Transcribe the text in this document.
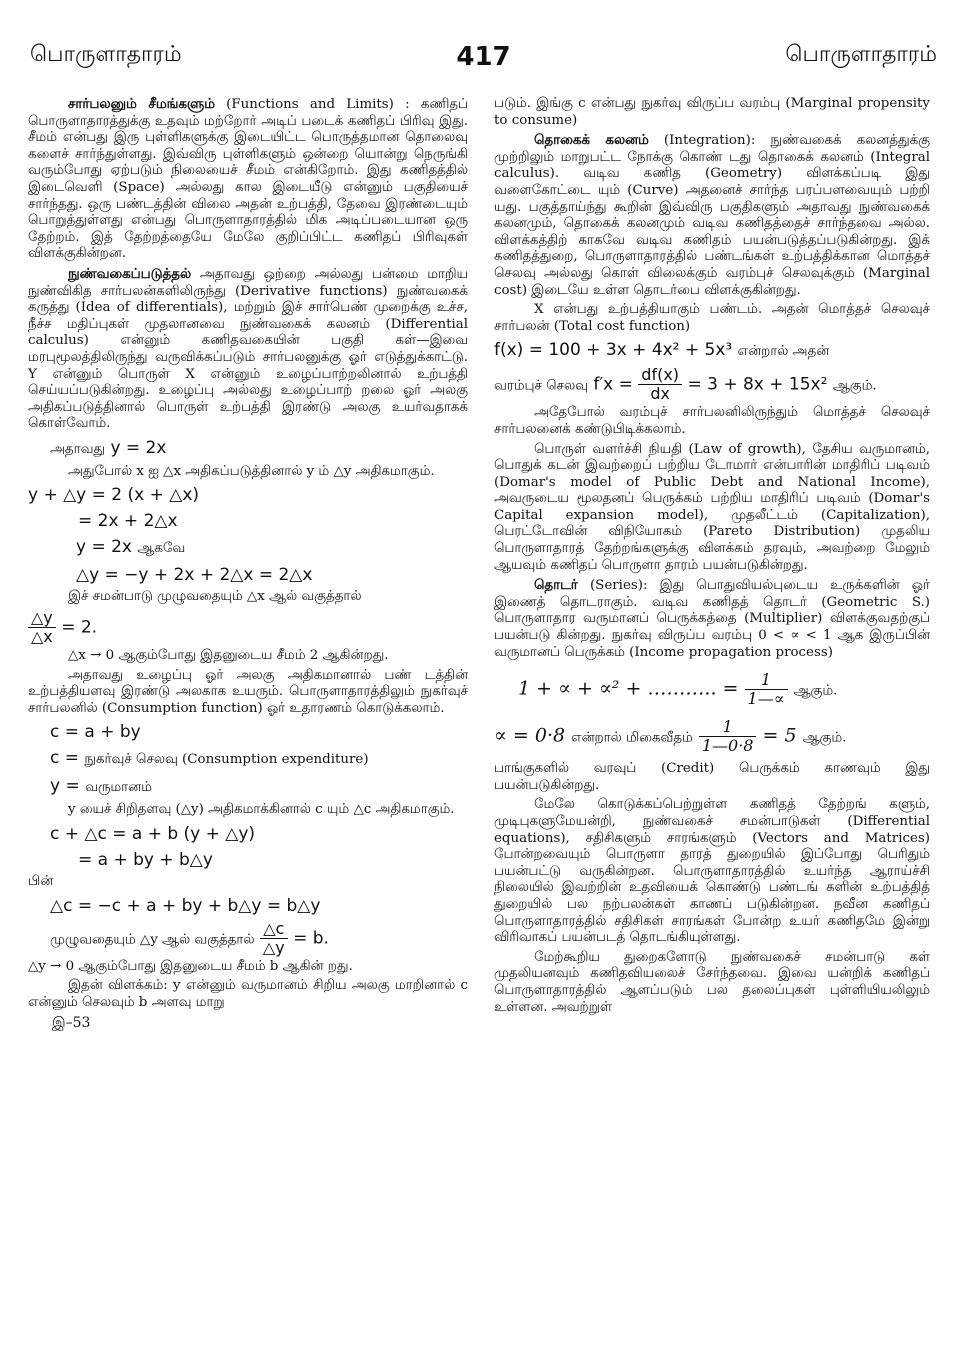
பொருளாதாரம்	417	பொருளாதாரம்

சார்பலனும் சீமங்களும் (Functions and Limits) : கணிதப் பொருளாதாரத்துக்கு உதவும் மற்றோர் அடிப் படைக் கணிதப் பிரிவு இது. சீமம் என்பது இரு புள்ளிகளுக்கு இடையிட்ட பொருத்தமான தொலைவு களைச் சார்ந்துள்ளது. இவ்விரு புள்ளிகளும் ஒன்றை யொன்று நெருங்கி வரும்போது ஏற்படும் நிலையைச் சீமம் என்கிறோம். இது கணிதத்தில் இடைவெளி (Space) அல்லது கால இடையீடு என்னும் பகுதியைச் சார்ந்தது. ஒரு பண்டத்தின் விலை அதன் உற்பத்தி, தேவை இரண்டையும் பொறுத்துள்ளது என்பது பொருளாதாரத்தில் மிக அடிப்படையான ஒரு தேற்றம். இத் தேற்றத்தையே மேலே குறிப்பிட்ட கணிதப் பிரிவுகள் விளக்குகின்றன.

நுண்வகைப்படுத்தல் அதாவது ஒற்றை அல்லது பன்மை மாறிய நுண்விகித சார்பலன்களிலிருந்து (Derivative functions) நுண்வகைக் கருத்து (Idea of differentials), மற்றும் இச் சார்பெண் முறைக்கு உச்ச, நீச்ச மதிப்புகள் முதலானவை நுண்வகைக் கலனம் (Differential calculus) என்னும் கணிதவகையின் பகுதி கள்—இவை மரபுமூலத்திலிருந்து வருவிக்கப்படும் சார்பலனுக்கு ஓர் எடுத்துக்காட்டு. Y என்னும் பொருள் X என்னும் உழைப்பாற்றலினால் உற்பத்தி செய்யப்படுகின்றது. உழைப்பு அல்லது உழைப்பாற் றலை ஓர் அலகு அதிகப்படுத்தினால் பொருள் உற்பத்தி இரண்டு அலகு உயர்வதாகக் கொள்வோம்.

அதாவது y = 2x

அதுபோல் x ஐ △x அதிகப்படுத்தினால் y ம் △y அதிகமாகும்.

y + △y = 2 (x + △x)
= 2x + 2△x
y = 2x ஆகவே
△y = −y + 2x + 2△x = 2△x

இச் சமன்பாடு முழுவதையும் △x ஆல் வகுத்தால்

$\frac{\triangle y}{\triangle x} = 2$.

△x → 0 ஆகும்போது இதனுடைய சீமம் 2 ஆகின்றது.

அதாவது உழைப்பு ஓர் அலகு அதிகமானால் பண் டத்தின் உற்பத்தியளவு இரண்டு அலகாக உயரும். பொருளாதாரத்திலும் நுகர்வுச் சார்பலனில் (Consumption function) ஓர் உதாரணம் கொடுக்கலாம்.

c = a + by
c = நுகர்வுச் செலவு (Consumption expenditure)
y = வருமானம்

y யைச் சிறிதளவு (△y) அதிகமாக்கினால் c யும் △c அதிகமாகும்.

c + △c = a + b (y + △y)
= a + by + b△y

பின்

△c = −c + a + by + b△y = b△y
முழுவதையும் △y ஆல் வகுத்தால் $\frac{\triangle c}{\triangle y} = b$.

△y → 0 ஆகும்போது இதனுடைய சீமம் b ஆகின் றது.

இதன் விளக்கம்: y என்னும் வருமானம் சிறிய அலகு மாறினால் c என்னும் செலவும் b அளவு மாறு

இ–53

படும். இங்கு c என்பது நுகர்வு விருப்ப வரம்பு (Marginal propensity to consume)

தொகைக் கலனம் (Integration): நுண்வகைக் கலனத்துக்கு முற்றிலும் மாறுபட்ட நோக்கு கொண் டது தொகைக் கலனம் (Integral calculus). வடிவ கணித (Geometry) விளக்கப்படி இது வளைகோட்டை யும் (Curve) அதனைச் சார்ந்த பரப்பளவையும் பற்றி யது. பகுத்தாய்ந்து கூறின் இவ்விரு பகுதிகளும் அதாவது நுண்வகைக் கலனமும், தொகைக் கலனமும் வடிவ கணிதத்தைச் சார்ந்தவை அல்ல. விளக்கத்திற் காகவே வடிவ கணிதம் பயன்படுத்தப்படுகின்றது. இக் கணிதத்துறை, பொருளாதாரத்தில் பண்டங்கள் உற்பத்திக்கான மொத்தச் செலவு அல்லது கொள் விலைக்கும் வரம்புச் செலவுக்கும் (Marginal cost) இடையே உள்ள தொடர்பை விளக்குகின்றது.

X என்பது உற்பத்தியாகும் பண்டம். அதன் மொத்தச் செலவுச் சார்பலன் (Total cost function)

f(x) = 100 + 3x + 4x² + 5x³ என்றால் அதன்
வரம்புச் செலவு $f'x = \frac{df(x)}{dx} = 3 + 8x + 15x^2$ ஆகும்.

அதேபோல் வரம்புச் சார்பலனிலிருந்தும் மொத்தச் செலவுச் சார்பலனைக் கண்டுபிடிக்கலாம்.

பொருள் வளர்ச்சி நியதி (Law of growth), தேசிய வருமானம், பொதுக் கடன் இவற்றைப் பற்றிய டோமார் என்பாரின் மாதிரிப் படிவம் (Domar's model of Public Debt and National Income), அவருடைய மூலதனப் பெருக்கம் பற்றிய மாதிரிப் படிவம் (Domar's Capital expansion model), முதலீட்டம் (Capitalization), பெரட்டோவின் விநியோகம் (Pareto Distribution) முதலிய பொருளாதாரத் தேற்றங்களுக்கு விளக்கம் தரவும், அவற்றை மேலும் ஆயவும் கணிதப் பொருளா தாரம் பயன்படுகின்றது.

தொடர் (Series): இது பொதுவியல்புடைய உருக்களின் ஓர் இணைத் தொடராகும். வடிவ கணிதத் தொடர் (Geometric S.) பொருளாதார வருமானப் பெருக்கத்தை (Multiplier) விளக்குவதற்குப் பயன்படு கின்றது. நுகர்வு விருப்ப வரம்பு 0 < ∝ < 1 ஆக இருப்பின் வருமானப் பெருக்கம் (Income propagation process)

1 + ∝ + ∝² + ……….. = $\frac{1}{1—\propto}$ ஆகும்.
∝ = 0·8 என்றால் மிகைவீதம் $\frac{1}{1—0\cdot 8} = 5$ ஆகும்.

பாங்குகளில் வரவுப் (Credit) பெருக்கம் காணவும் இது பயன்படுகின்றது.

மேலே கொடுக்கப்பெற்றுள்ள கணிதத் தேற்றங் களும், முடிபுகளுமேயன்றி, நுண்வகைச் சமன்பாடுகள் (Differential equations), சதிசிகளும் சாரங்களும் (Vectors and Matrices) போன்றவையும் பொருளா தாரத் துறையில் இப்போது பெரிதும் பயன்பட்டு வருகின்றன. பொருளாதாரத்தில் உயர்ந்த ஆராய்ச்சி நிலையில் இவற்றின் உதவியைக் கொண்டு பண்டங் களின் உற்பத்தித் துறையில் பல நற்பலன்கள் காணப் படுகின்றன. நவீன கணிதப் பொருளாதாரத்தில் சதிசிகள் சாரங்கள் போன்ற உயர் கணிதமே இன்று விரிவாகப் பயன்படத் தொடங்கியுள்ளது.

மேற்கூறிய துறைகளோடு நுண்வகைச் சமன்பாடு கள் முதலியனவும் கணிதவியலைச் சேர்ந்தவை. இவை யன்றிக் கணிதப் பொருளாதாரத்தில் ஆளப்படும் பல தலைப்புகள் புள்ளியியலிலும் உள்ளன. அவற்றுள்
